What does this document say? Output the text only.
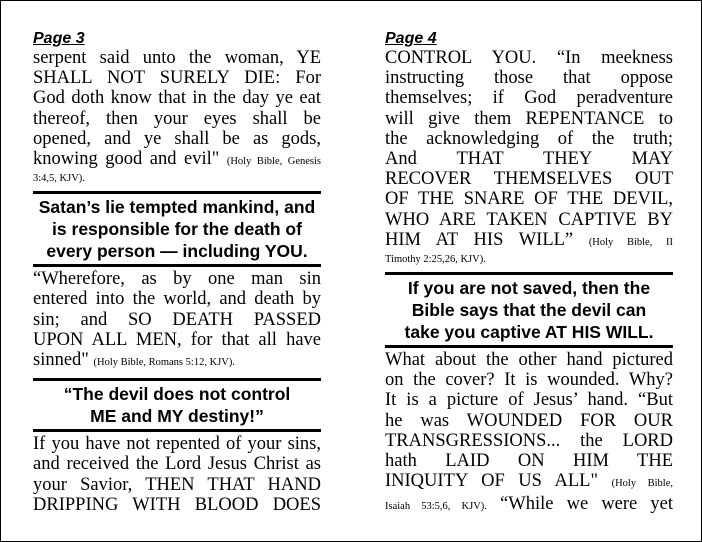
Page 3
serpent said unto the woman, YE
SHALL NOT SURELY DIE: For
God doth know that in the day ye eat
thereof, then your eyes shall be
opened, and ye shall be as gods,
knowing good and evil" (Holy Bible, Genesis
3:4,5, KJV).
Satan’s lie tempted mankind, and
is responsible for the death of
every person — including YOU.
“Wherefore, as by one man sin
entered into the world, and death by
sin; and SO DEATH PASSED
UPON ALL MEN, for that all have
sinned" (Holy Bible, Romans 5:12, KJV).
“The devil does not control
ME and MY destiny!”
If you have not repented of your sins,
and received the Lord Jesus Christ as
your Savior, THEN THAT HAND
DRIPPING WITH BLOOD DOES
Page 4
CONTROL YOU. “In meekness
instructing those that oppose
themselves; if God peradventure
will give them REPENTANCE to
the acknowledging of the truth;
And THAT THEY MAY
RECOVER THEMSELVES OUT
OF THE SNARE OF THE DEVIL,
WHO ARE TAKEN CAPTIVE BY
HIM AT HIS WILL” (Holy Bible, II
Timothy 2:25,26, KJV).
If you are not saved, then the
Bible says that the devil can
take you captive AT HIS WILL.
What about the other hand pictured
on the cover? It is wounded. Why?
It is a picture of Jesus’ hand. “But
he was WOUNDED FOR OUR
TRANSGRESSIONS... the LORD
hath LAID ON HIM THE
INIQUITY OF US ALL" (Holy Bible,
Isaiah 53:5,6, KJV). “While we were yet
